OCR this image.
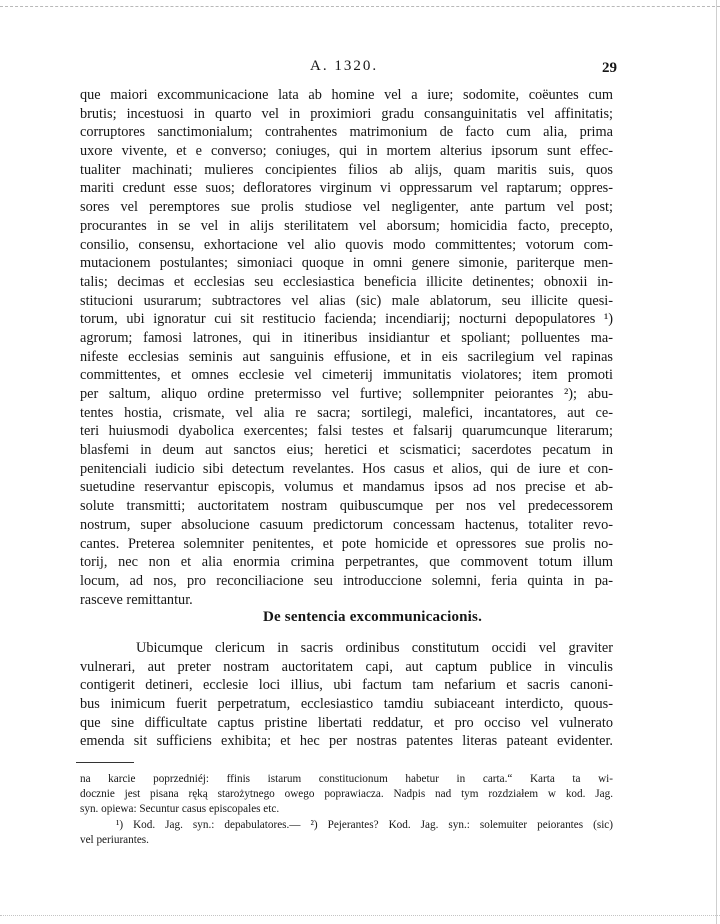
A. 1320.	29
que maiori excommunicacione lata ab homine vel a iure; sodomite, coëuntes cum
brutis; incestuosi in quarto vel in proximiori gradu consanguinitatis vel affinitatis;
corruptores sanctimonialum; contrahentes matrimonium de facto cum alia, prima
uxore vivente, et e converso; coniuges, qui in mortem alterius ipsorum sunt effec-
tualiter machinati; mulieres concipientes filios ab alijs, quam maritis suis, quos
mariti credunt esse suos; defloratores virginum vi oppressarum vel raptarum; oppres-
sores vel peremptores sue prolis studiose vel negligenter, ante partum vel post;
procurantes in se vel in alijs sterilitatem vel aborsum; homicidia facto, precepto,
consilio, consensu, exhortacione vel alio quovis modo committentes; votorum com-
mutacionem postulantes; simoniaci quoque in omni genere simonie, pariterque men-
talis; decimas et ecclesias seu ecclesiastica beneficia illicite detinentes; obnoxii in-
stitucioni usurarum; subtractores vel alias (sic) male ablatorum, seu illicite quesi-
torum, ubi ignoratur cui sit restitucio facienda; incendiarij; nocturni depopulatores ¹)
agrorum; famosi latrones, qui in itineribus insidiantur et spoliant; polluentes ma-
nifeste ecclesias seminis aut sanguinis effusione, et in eis sacrilegium vel rapinas
committentes, et omnes ecclesie vel cimeterij immunitatis violatores; item promoti
per saltum, aliquo ordine pretermisso vel furtive; sollempniter peiorantes ²); abu-
tentes hostia, crismate, vel alia re sacra; sortilegi, malefici, incantatores, aut ce-
teri huiusmodi dyabolica exercentes; falsi testes et falsarij quarumcunque literarum;
blasfemi in deum aut sanctos eius; heretici et scismatici; sacerdotes pecatum in
penitenciali iudicio sibi detectum revelantes. Hos casus et alios, qui de iure et con-
suetudine reservantur episcopis, volumus et mandamus ipsos ad nos precise et ab-
solute transmitti; auctoritatem nostram quibuscumque per nos vel predecessorem
nostrum, super absolucione casuum predictorum concessam hactenus, totaliter revo-
cantes. Preterea solemniter penitentes, et pote homicide et opressores sue prolis no-
torij, nec non et alia enormia crimina perpetrantes, que commovent totum illum
locum, ad nos, pro reconciliacione seu introduccione solemni, feria quinta in pa-
rasceve remittantur.
De sentencia excommunicacionis.
Ubicumque clericum in sacris ordinibus constitutum occidi vel graviter
vulnerari, aut preter nostram auctoritatem capi, aut captum publice in vinculis
contigerit detineri, ecclesie loci illius, ubi factum tam nefarium et sacris canoni-
bus inimicum fuerit perpetratum, ecclesiastico tamdiu subiaceant interdicto, quous-
que sine difficultate captus pristine libertati reddatur, et pro occiso vel vulnerato
emenda sit sufficiens exhibita; et hec per nostras patentes literas pateant evidenter.
na karcie poprzedniéj: ffinis istarum constitucionum habetur in carta.“ Karta ta wi-
docznie jest pisana ręką starożytnego owego poprawiacza. Nadpis nad tym rozdziałem w kod. Jag.
syn. opiewa: Secuntur casus episcopales etc.
¹) Kod. Jag. syn.: depabulatores.— ²) Pejerantes? Kod. Jag. syn.: solemuiter peiorantes (sic)
vel periurantes.
